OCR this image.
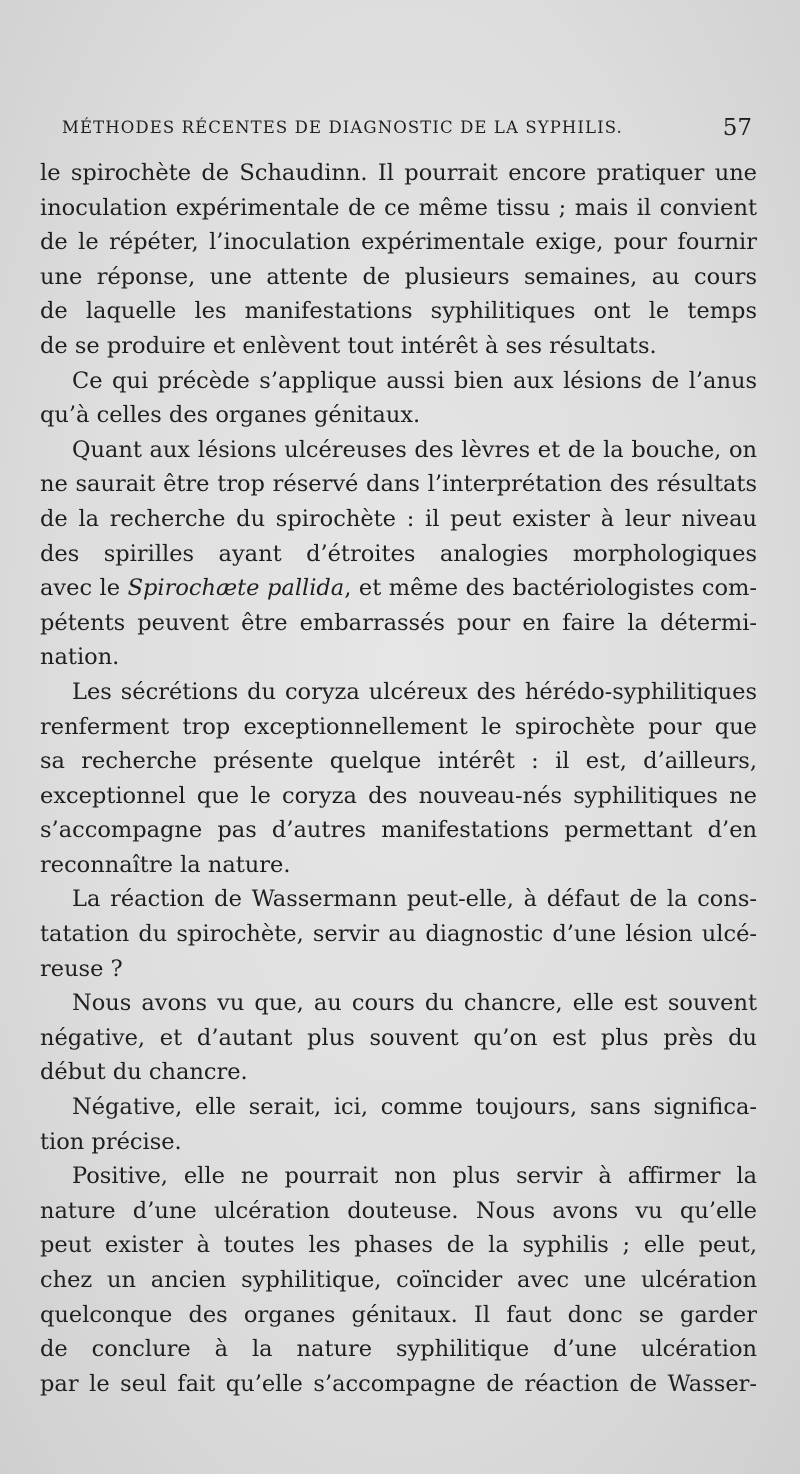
MÉTHODES RÉCENTES DE DIAGNOSTIC DE LA SYPHILIS.	57
le spirochète de Schaudinn. Il pourrait encore pratiquer une
inoculation expérimentale de ce même tissu ; mais il convient
de le répéter, l’inoculation expérimentale exige, pour fournir
une réponse, une attente de plusieurs semaines, au cours
de laquelle les manifestations syphilitiques ont le temps
de se produire et enlèvent tout intérêt à ses résultats.
Ce qui précède s’applique aussi bien aux lésions de l’anus
qu’à celles des organes génitaux.
Quant aux lésions ulcéreuses des lèvres et de la bouche, on
ne saurait être trop réservé dans l’interprétation des résultats
de la recherche du spirochète : il peut exister à leur niveau
des spirilles ayant d’étroites analogies morphologiques
avec le Spirochæte pallida, et même des bactériologistes com-
pétents peuvent être embarrassés pour en faire la détermi-
nation.
Les sécrétions du coryza ulcéreux des hérédo-syphilitiques
renferment trop exceptionnellement le spirochète pour que
sa recherche présente quelque intérêt : il est, d’ailleurs,
exceptionnel que le coryza des nouveau-nés syphilitiques ne
s’accompagne pas d’autres manifestations permettant d’en
reconnaître la nature.
La réaction de Wassermann peut-elle, à défaut de la cons-
tatation du spirochète, servir au diagnostic d’une lésion ulcé-
reuse ?
Nous avons vu que, au cours du chancre, elle est souvent
négative, et d’autant plus souvent qu’on est plus près du
début du chancre.
Négative, elle serait, ici, comme toujours, sans significa-
tion précise.
Positive, elle ne pourrait non plus servir à affirmer la
nature d’une ulcération douteuse. Nous avons vu qu’elle
peut exister à toutes les phases de la syphilis ; elle peut,
chez un ancien syphilitique, coïncider avec une ulcération
quelconque des organes génitaux. Il faut donc se garder
de conclure à la nature syphilitique d’une ulcération
par le seul fait qu’elle s’accompagne de réaction de Wasser-
